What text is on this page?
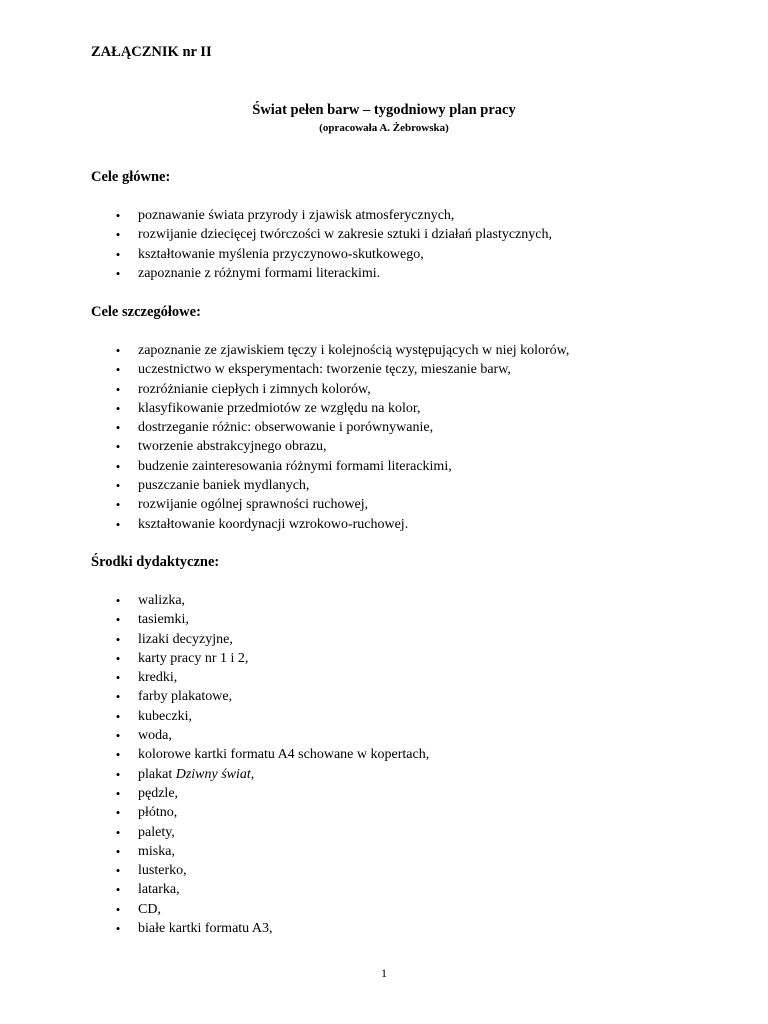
ZAŁĄCZNIK nr II

Świat pełen barw – tygodniowy plan pracy

(opracowała A. Żebrowska)

Cele główne:

• poznawanie świata przyrody i zjawisk atmosferycznych,
• rozwijanie dziecięcej twórczości w zakresie sztuki i działań plastycznych,
• kształtowanie myślenia przyczynowo-skutkowego,
• zapoznanie z różnymi formami literackimi.

Cele szczegółowe:

• zapoznanie ze zjawiskiem tęczy i kolejnością występujących w niej kolorów,
• uczestnictwo w eksperymentach: tworzenie tęczy, mieszanie barw,
• rozróżnianie ciepłych i zimnych kolorów,
• klasyfikowanie przedmiotów ze względu na kolor,
• dostrzeganie różnic: obserwowanie i porównywanie,
• tworzenie abstrakcyjnego obrazu,
• budzenie zainteresowania różnymi formami literackimi,
• puszczanie baniek mydlanych,
• rozwijanie ogólnej sprawności ruchowej,
• kształtowanie koordynacji wzrokowo-ruchowej.

Środki dydaktyczne:

• walizka,
• tasiemki,
• lizaki decyzyjne,
• karty pracy nr 1 i 2,
• kredki,
• farby plakatowe,
• kubeczki,
• woda,
• kolorowe kartki formatu A4 schowane w kopertach,
• plakat Dziwny świat,
• pędzle,
• płótno,
• palety,
• miska,
• lusterko,
• latarka,
• CD,
• białe kartki formatu A3,

1
